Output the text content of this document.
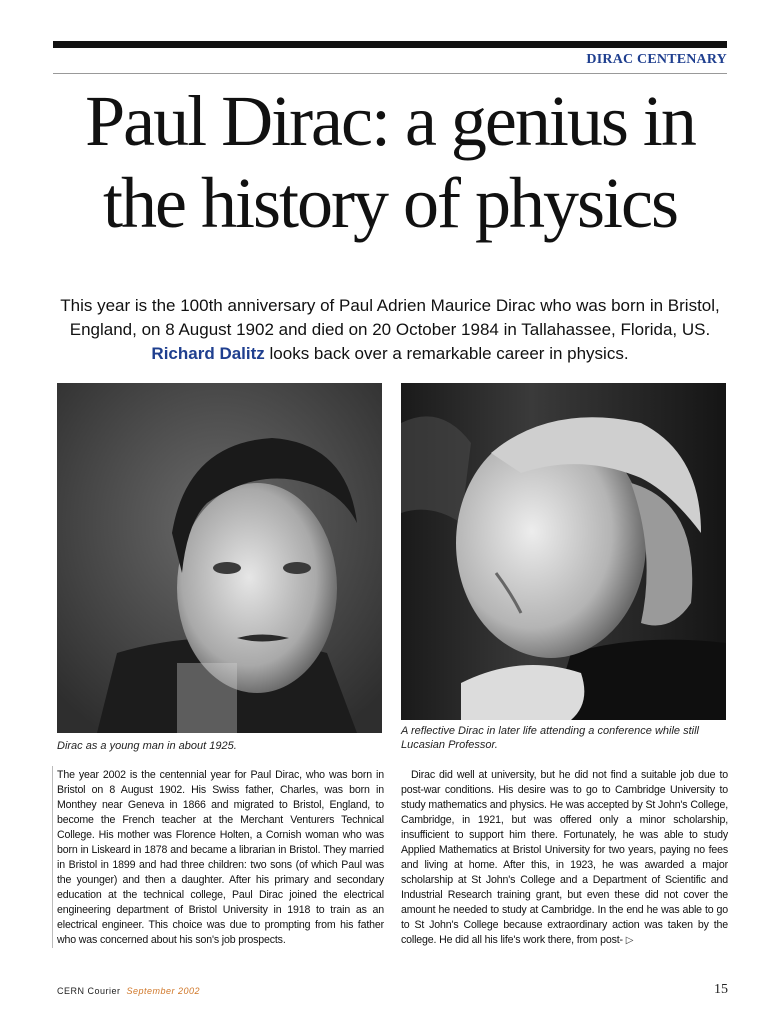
DIRAC CENTENARY
Paul Dirac: a genius in
the history of physics

This year is the 100th anniversary of Paul Adrien Maurice Dirac who was born in Bristol, England, on 8 August 1902 and died on 20 October 1984 in Tallahassee, Florida, US. Richard Dalitz looks back over a remarkable career in physics.

Dirac as a young man in about 1925.

A reflective Dirac in later life attending a conference while still Lucasian Professor.

The year 2002 is the centennial year for Paul Dirac, who was born in Bristol on 8 August 1902. His Swiss father, Charles, was born in Monthey near Geneva in 1866 and migrated to Bristol, England, to become the French teacher at the Merchant Venturers Technical College. His mother was Florence Holten, a Cornish woman who was born in Liskeard in 1878 and became a librarian in Bristol. They married in Bristol in 1899 and had three children: two sons (of which Paul was the younger) and then a daughter. After his primary and secondary education at the technical college, Paul Dirac joined the electrical engineering department of Bristol University in 1918 to train as an electrical engineer. This choice was due to prompting from his father who was concerned about his son's job prospects.

Dirac did well at university, but he did not find a suitable job due to post-war conditions. His desire was to go to Cambridge University to study mathematics and physics. He was accepted by St John's College, Cambridge, in 1921, but was offered only a minor scholarship, insufficient to support him there. Fortunately, he was able to study Applied Mathematics at Bristol University for two years, paying no fees and living at home. After this, in 1923, he was awarded a major scholarship at St John's College and a Department of Scientific and Industrial Research training grant, but even these did not cover the amount he needed to study at Cambridge. In the end he was able to go to St John's College because extraordinary action was taken by the college. He did all his life's work there, from post- ▷

CERN Courier September 2002	15
